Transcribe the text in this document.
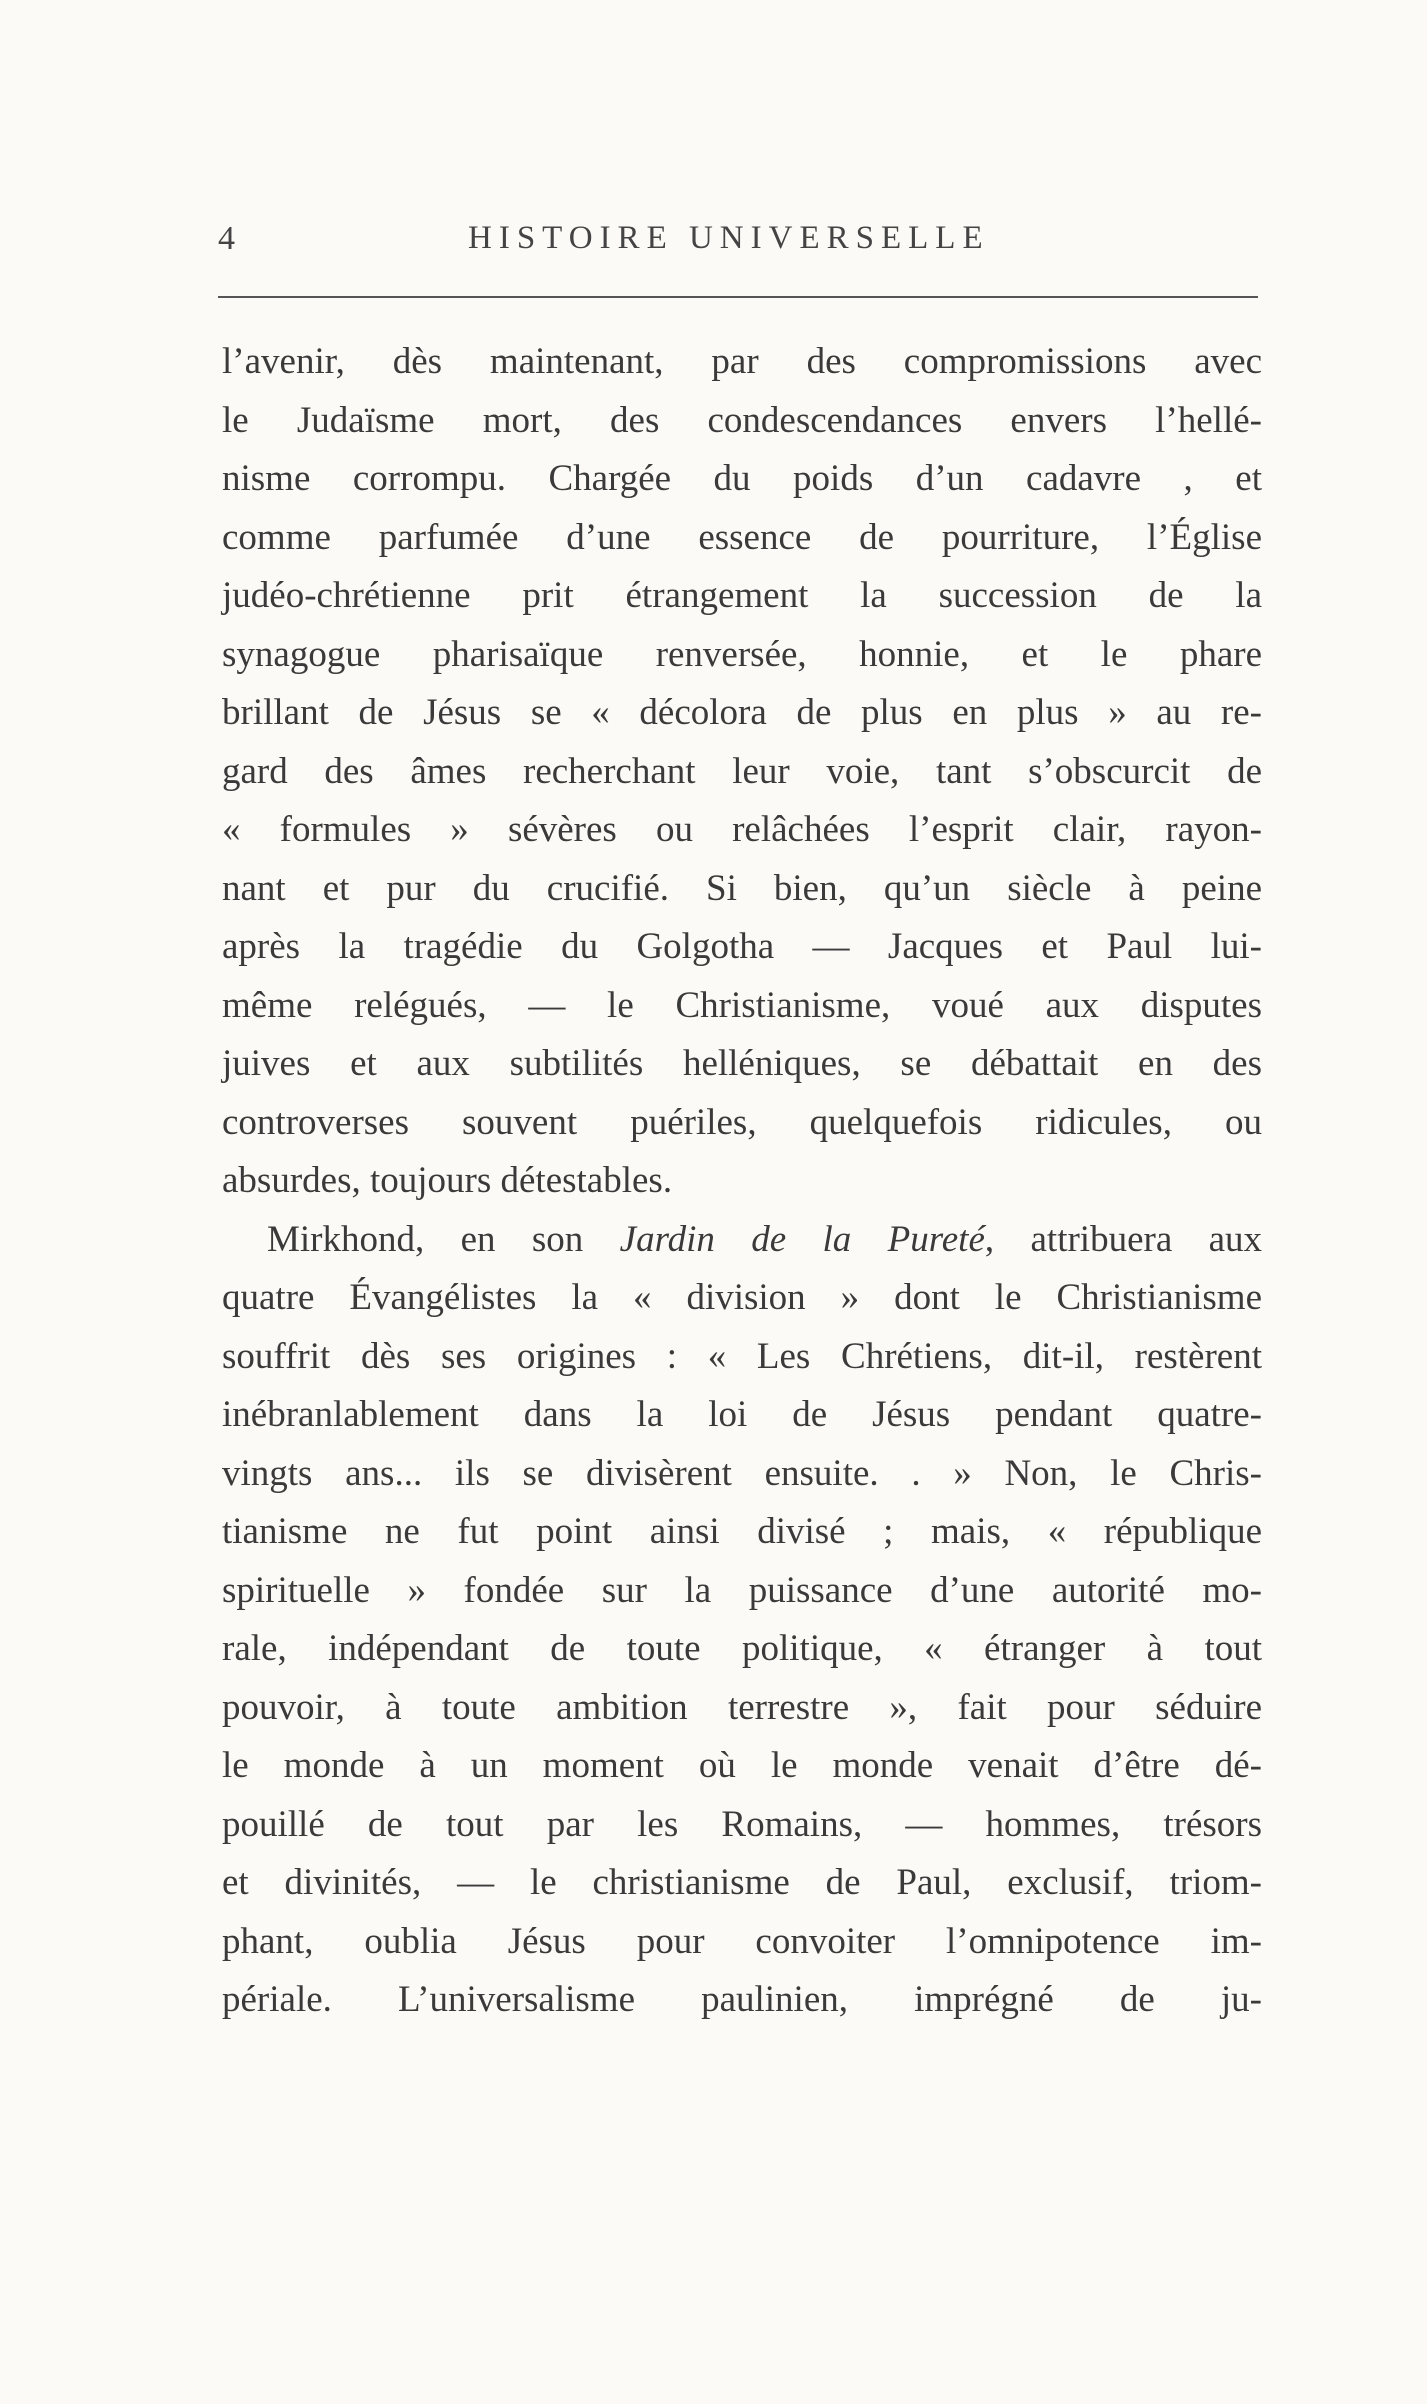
4	HISTOIRE UNIVERSELLE
l’avenir, dès maintenant, par des compromissions avec
le Judaïsme mort, des condescendances envers l’hellé-
nisme corrompu. Chargée du poids d’un cadavre , et
comme parfumée d’une essence de pourriture, l’Église
judéo-chrétienne prit étrangement la succession de la
synagogue pharisaïque renversée, honnie, et le phare
brillant de Jésus se « décolora de plus en plus » au re-
gard des âmes recherchant leur voie, tant s’obscurcit de
« formules » sévères ou relâchées l’esprit clair, rayon-
nant et pur du crucifié. Si bien, qu’un siècle à peine
après la tragédie du Golgotha — Jacques et Paul lui-
même relégués, — le Christianisme, voué aux disputes
juives et aux subtilités helléniques, se débattait en des
controverses souvent puériles, quelquefois ridicules, ou
absurdes, toujours détestables.
Mirkhond, en son Jardin de la Pureté, attribuera aux
quatre Évangélistes la « division » dont le Christianisme
souffrit dès ses origines : « Les Chrétiens, dit-il, restèrent
inébranlablement dans la loi de Jésus pendant quatre-
vingts ans... ils se divisèrent ensuite. . » Non, le Chris-
tianisme ne fut point ainsi divisé ; mais, « république
spirituelle » fondée sur la puissance d’une autorité mo-
rale, indépendant de toute politique, « étranger à tout
pouvoir, à toute ambition terrestre », fait pour séduire
le monde à un moment où le monde venait d’être dé-
pouillé de tout par les Romains, — hommes, trésors
et divinités, — le christianisme de Paul, exclusif, triom-
phant, oublia Jésus pour convoiter l’omnipotence im-
périale. L’universalisme paulinien, imprégné de ju-
